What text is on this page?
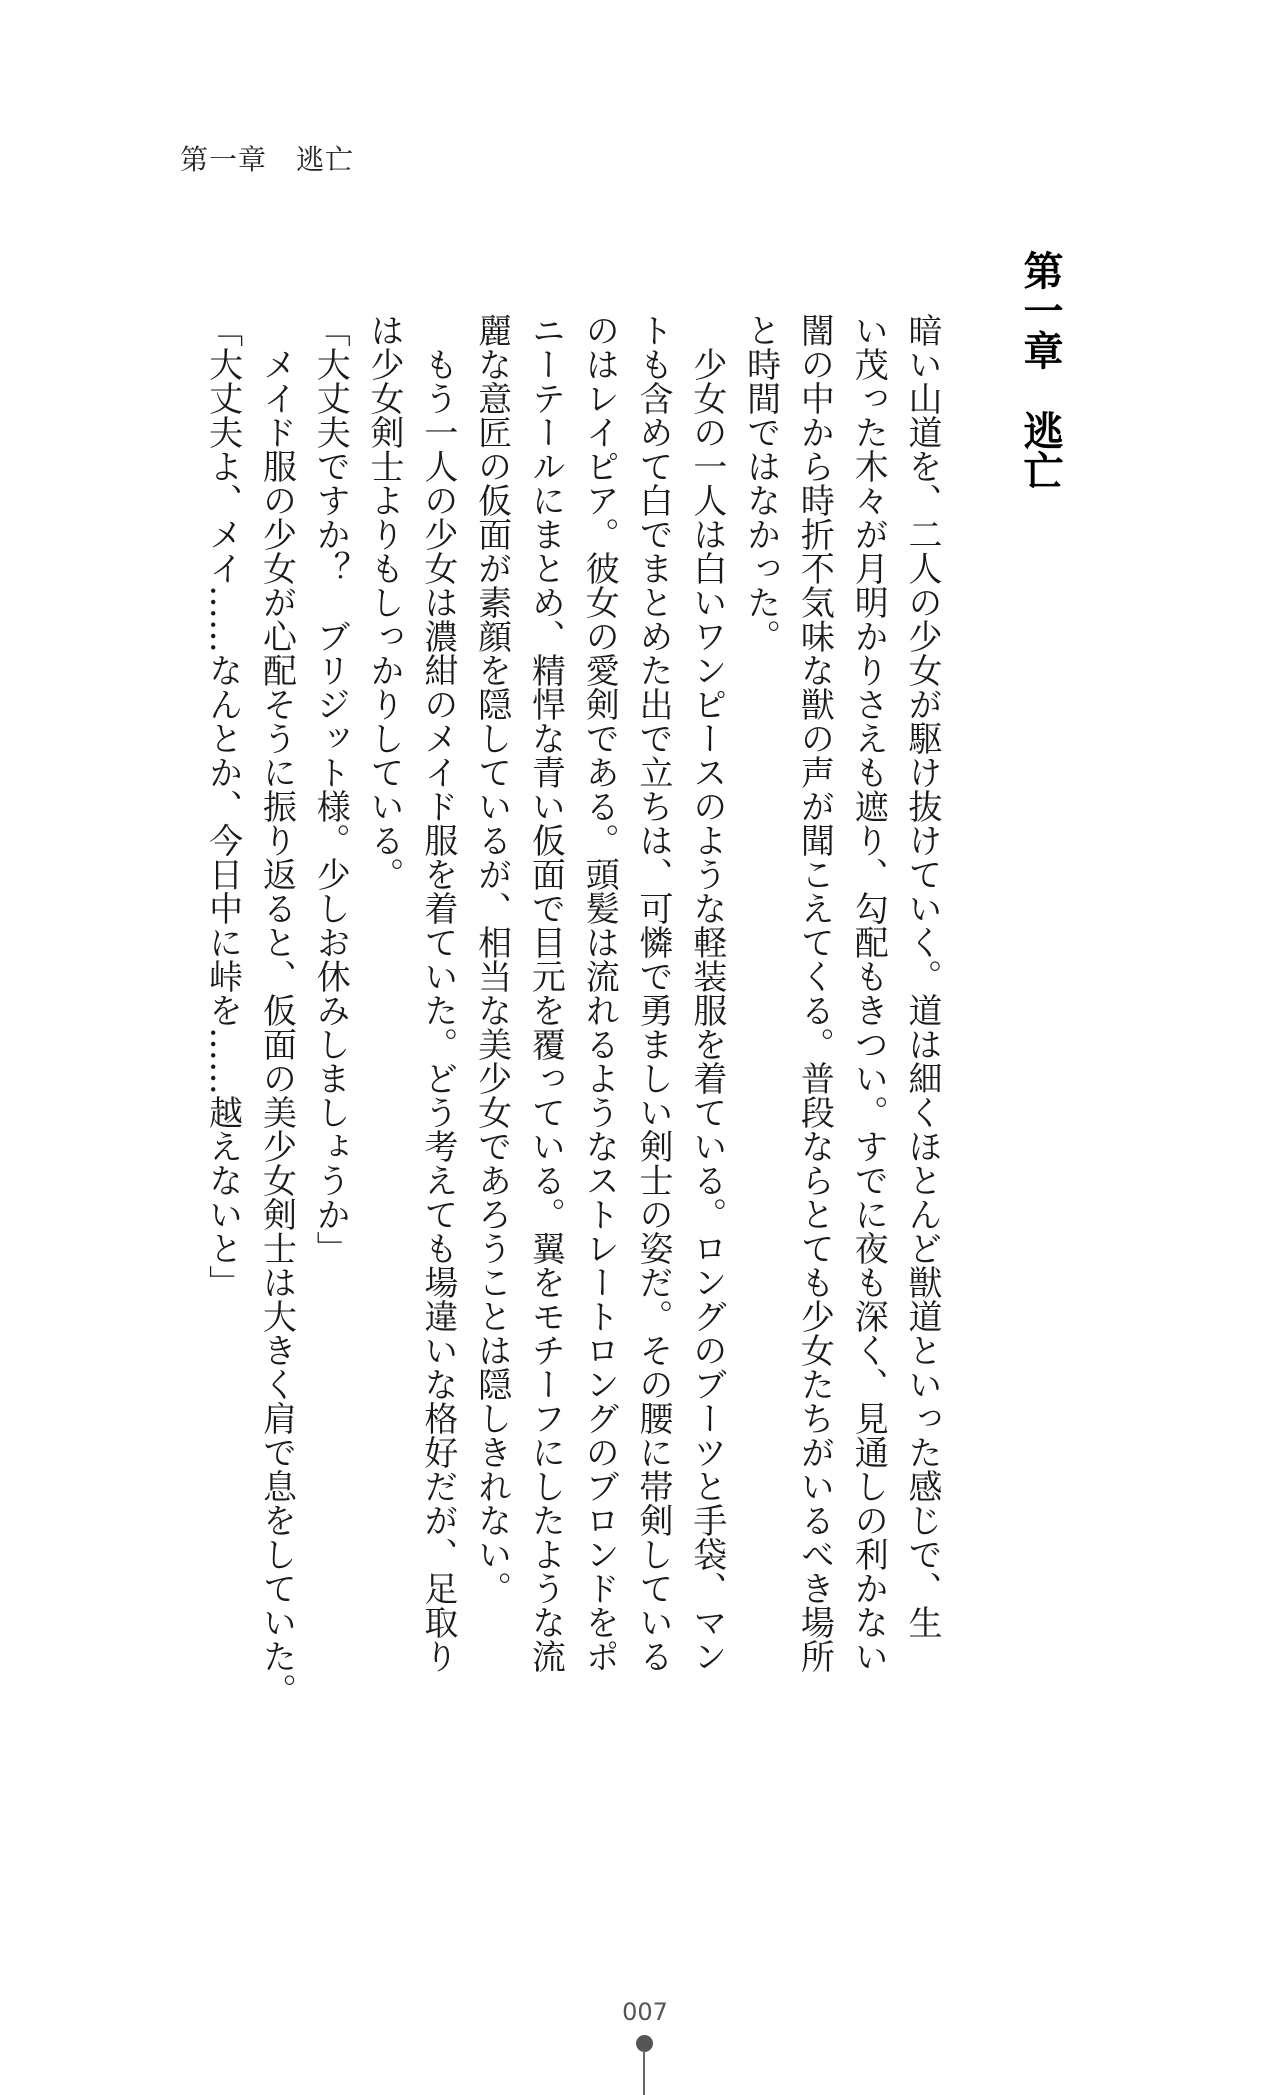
第一章　逃亡
第一章　逃亡
暗い山道を、二人の少女が駆け抜けていく。道は細くほとんど獣道といった感じで、生
い茂った木々が月明かりさえも遮り、勾配もきつい。すでに夜も深く、見通しの利かない
闇の中から時折不気味な獣の声が聞こえてくる。普段ならとても少女たちがいるべき場所
と時間ではなかった。
　少女の一人は白いワンピースのような軽装服を着ている。ロングのブーツと手袋、マン
トも含めて白でまとめた出で立ちは、可憐で勇ましい剣士の姿だ。その腰に帯剣している
のはレイピア。彼女の愛剣である。頭髪は流れるようなストレートロングのブロンドをポ
ニーテールにまとめ、精悍な青い仮面で目元を覆っている。翼をモチーフにしたような流
麗な意匠の仮面が素顔を隠しているが、相当な美少女であろうことは隠しきれない。
　もう一人の少女は濃紺のメイド服を着ていた。どう考えても場違いな格好だが、足取り
は少女剣士よりもしっかりしている。
「大丈夫ですか？　ブリジット様。少しお休みしましょうか」
　メイド服の少女が心配そうに振り返ると、仮面の美少女剣士は大きく肩で息をしていた。
「大丈夫よ、メイ……なんとか、今日中に峠を……越えないと」
007
